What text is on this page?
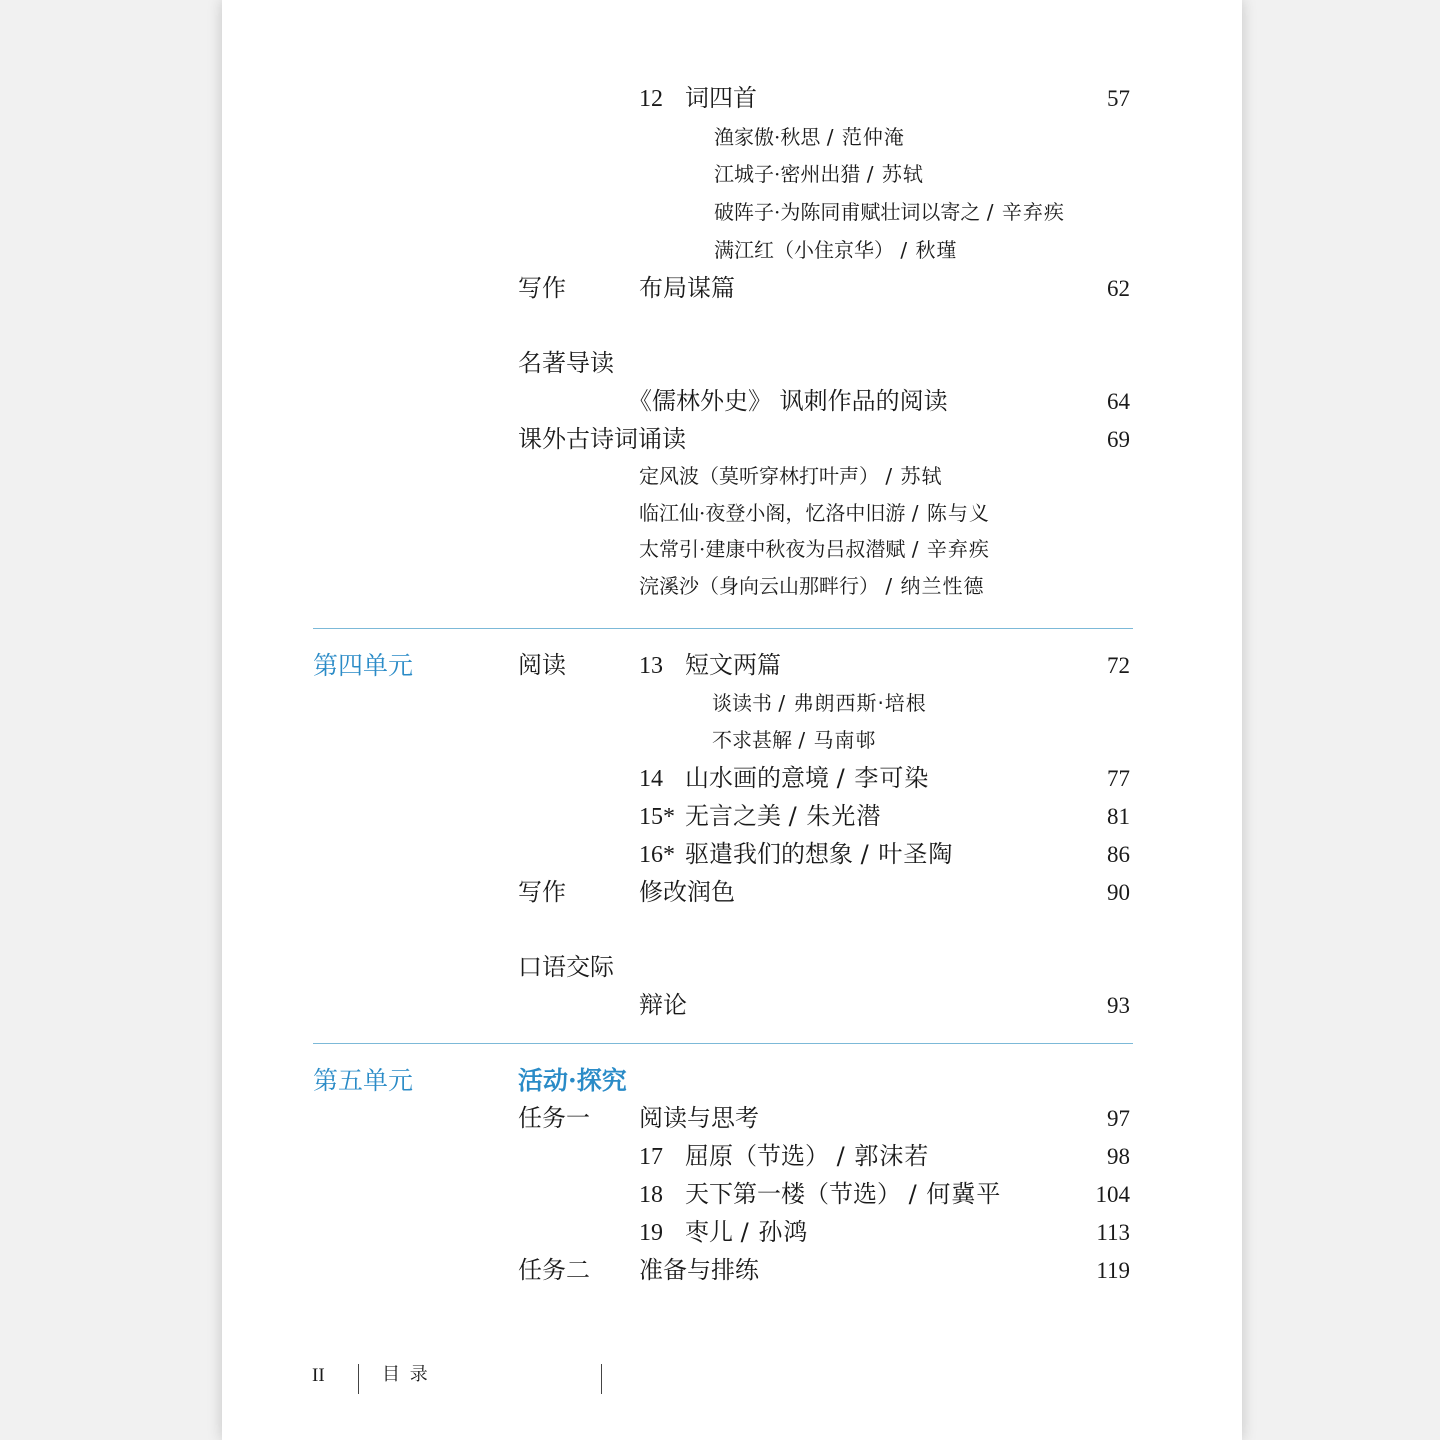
12 词四首	57
渔家傲·秋思 / 范仲淹
江城子·密州出猎 / 苏轼
破阵子·为陈同甫赋壮词以寄之 / 辛弃疾
满江红（小住京华） / 秋瑾
写作	布局谋篇	62
名著导读
《儒林外史》 讽刺作品的阅读	64
课外古诗词诵读	69
定风波（莫听穿林打叶声） / 苏轼
临江仙·夜登小阁，忆洛中旧游 / 陈与义
太常引·建康中秋夜为吕叔潜赋 / 辛弃疾
浣溪沙（身向云山那畔行） / 纳兰性德
第四单元	阅读	13 短文两篇	72
谈读书 / 弗朗西斯·培根
不求甚解 / 马南邨
14 山水画的意境 / 李可染	77
15* 无言之美 / 朱光潜	81
16* 驱遣我们的想象 / 叶圣陶	86
写作	修改润色	90
口语交际
辩论	93
第五单元	活动·探究
任务一 阅读与思考	97
17 屈原（节选） / 郭沫若	98
18 天下第一楼（节选） / 何冀平	104
19 枣儿 / 孙鸿	113
任务二 准备与排练	119
II	目 录
